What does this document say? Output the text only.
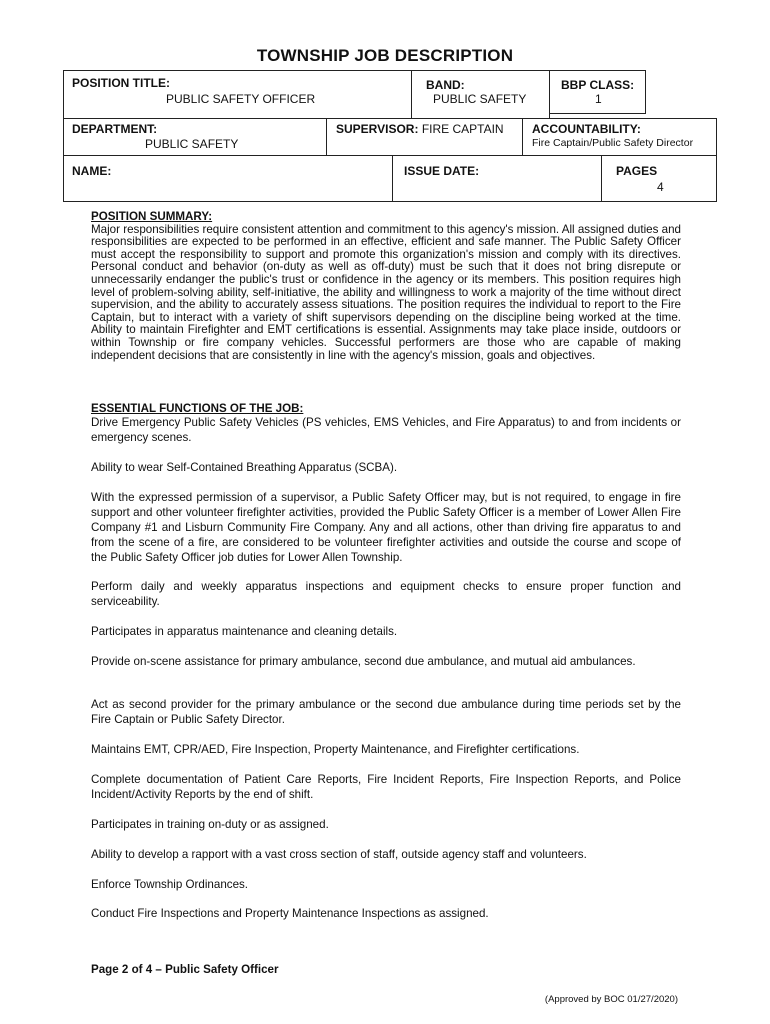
TOWNSHIP JOB DESCRIPTION
POSITION TITLE:
PUBLIC SAFETY OFFICER
BAND:
PUBLIC SAFETY
BBP CLASS:
1
DEPARTMENT:
PUBLIC SAFETY
SUPERVISOR: FIRE CAPTAIN ACCOUNTABILITY:
Fire Captain/Public Safety Director
NAME:	ISSUE DATE:	PAGES
4
POSITION SUMMARY:
Major responsibilities require consistent attention and commitment to this agency's mission. All assigned duties and responsibilities are expected to be performed in an effective, efficient and safe manner. The Public Safety Officer must accept the responsibility to support and promote this organization's mission and comply with its directives. Personal conduct and behavior (on-duty as well as off-duty) must be such that it does not bring disrepute or unnecessarily endanger the public's trust or confidence in the agency or its members. This position requires high level of problem-solving ability, self-initiative, the ability and willingness to work a majority of the time without direct supervision, and the ability to accurately assess situations. The position requires the individual to report to the Fire Captain, but to interact with a variety of shift supervisors depending on the discipline being worked at the time. Ability to maintain Firefighter and EMT certifications is essential. Assignments may take place inside, outdoors or within Township or fire company vehicles. Successful performers are those who are capable of making independent decisions that are consistently in line with the agency's mission, goals and objectives.
ESSENTIAL FUNCTIONS OF THE JOB:
Drive Emergency Public Safety Vehicles (PS vehicles, EMS Vehicles, and Fire Apparatus) to and from incidents or emergency scenes.
Ability to wear Self-Contained Breathing Apparatus (SCBA).
With the expressed permission of a supervisor, a Public Safety Officer may, but is not required, to engage in fire support and other volunteer firefighter activities, provided the Public Safety Officer is a member of Lower Allen Fire Company #1 and Lisburn Community Fire Company. Any and all actions, other than driving fire apparatus to and from the scene of a fire, are considered to be volunteer firefighter activities and outside the course and scope of the Public Safety Officer job duties for Lower Allen Township.
Perform daily and weekly apparatus inspections and equipment checks to ensure proper function and serviceability.
Participates in apparatus maintenance and cleaning details.
Provide on-scene assistance for primary ambulance, second due ambulance, and mutual aid ambulances.
Act as second provider for the primary ambulance or the second due ambulance during time periods set by the Fire Captain or Public Safety Director.
Maintains EMT, CPR/AED, Fire Inspection, Property Maintenance, and Firefighter certifications.
Complete documentation of Patient Care Reports, Fire Incident Reports, Fire Inspection Reports, and Police Incident/Activity Reports by the end of shift.
Participates in training on-duty or as assigned.
Ability to develop a rapport with a vast cross section of staff, outside agency staff and volunteers.
Enforce Township Ordinances.
Conduct Fire Inspections and Property Maintenance Inspections as assigned.
Page 2 of 4 – Public Safety Officer
(Approved by BOC 01/27/2020)
